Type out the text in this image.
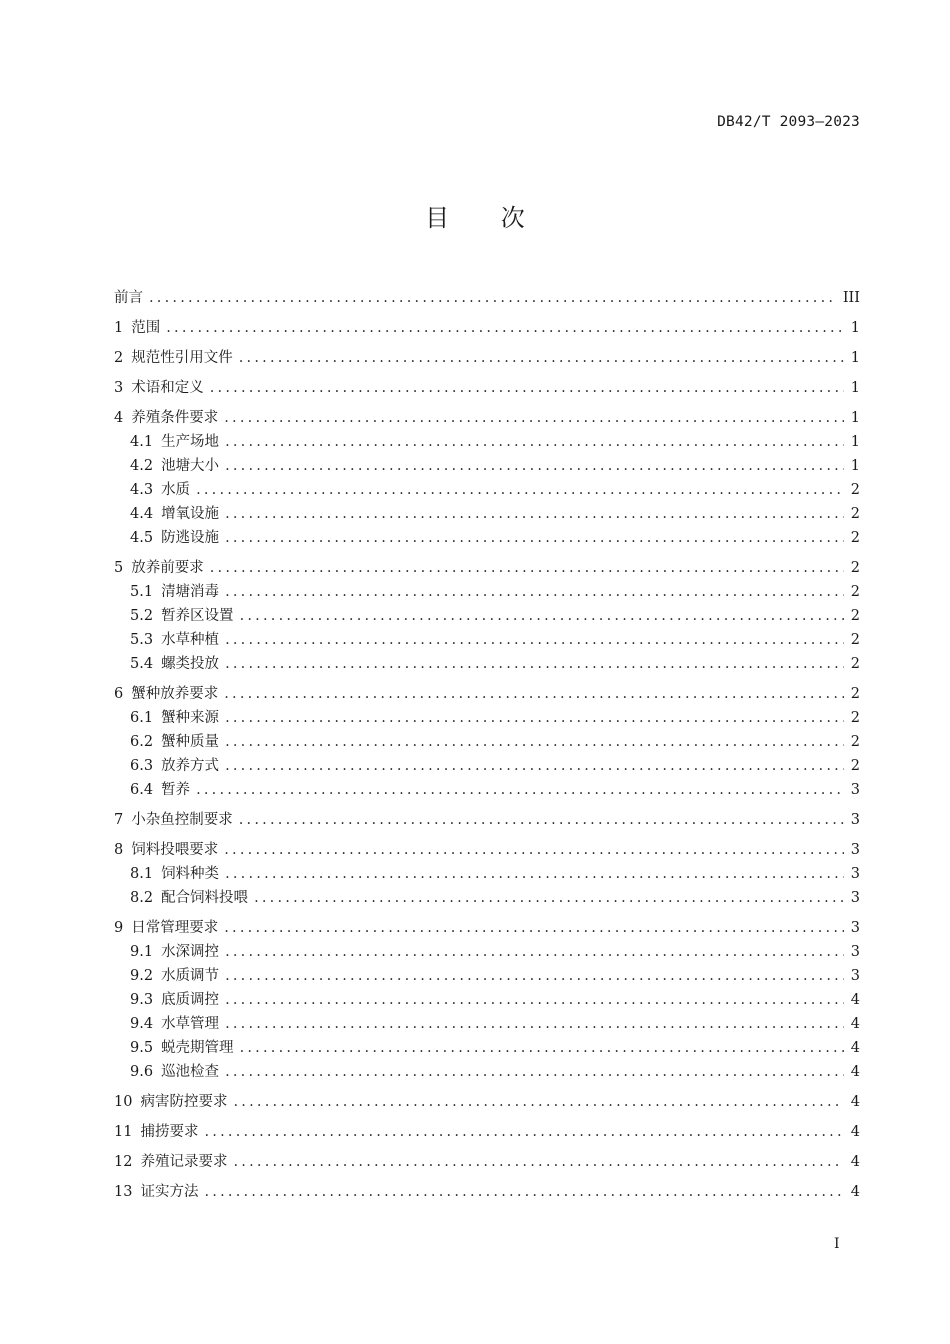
DB42/T 2093—2023
目 次
前言 .....	III
1 范围 .....	1
2 规范性引用文件 .....	1
3 术语和定义 .....	1
4 养殖条件要求 .....	1
4.1 生产场地 .....	1
4.2 池塘大小 .....	1
4.3 水质 .....	2
4.4 增氧设施 .....	2
4.5 防逃设施 .....	2
5 放养前要求 .....	2
5.1 清塘消毒 .....	2
5.2 暂养区设置 .....	2
5.3 水草种植 .....	2
5.4 螺类投放 .....	2
6 蟹种放养要求 .....	2
6.1 蟹种来源 .....	2
6.2 蟹种质量 .....	2
6.3 放养方式 .....	2
6.4 暂养 .....	3
7 小杂鱼控制要求 .....	3
8 饲料投喂要求 .....	3
8.1 饲料种类 .....	3
8.2 配合饲料投喂 .....	3
9 日常管理要求 .....	3
9.1 水深调控 .....	3
9.2 水质调节 .....	3
9.3 底质调控 .....	4
9.4 水草管理 .....	4
9.5 蜕壳期管理 .....	4
9.6 巡池检查 .....	4
10 病害防控要求 .....	4
11 捕捞要求 .....	4
12 养殖记录要求 .....	4
13 证实方法 .....	4
I
